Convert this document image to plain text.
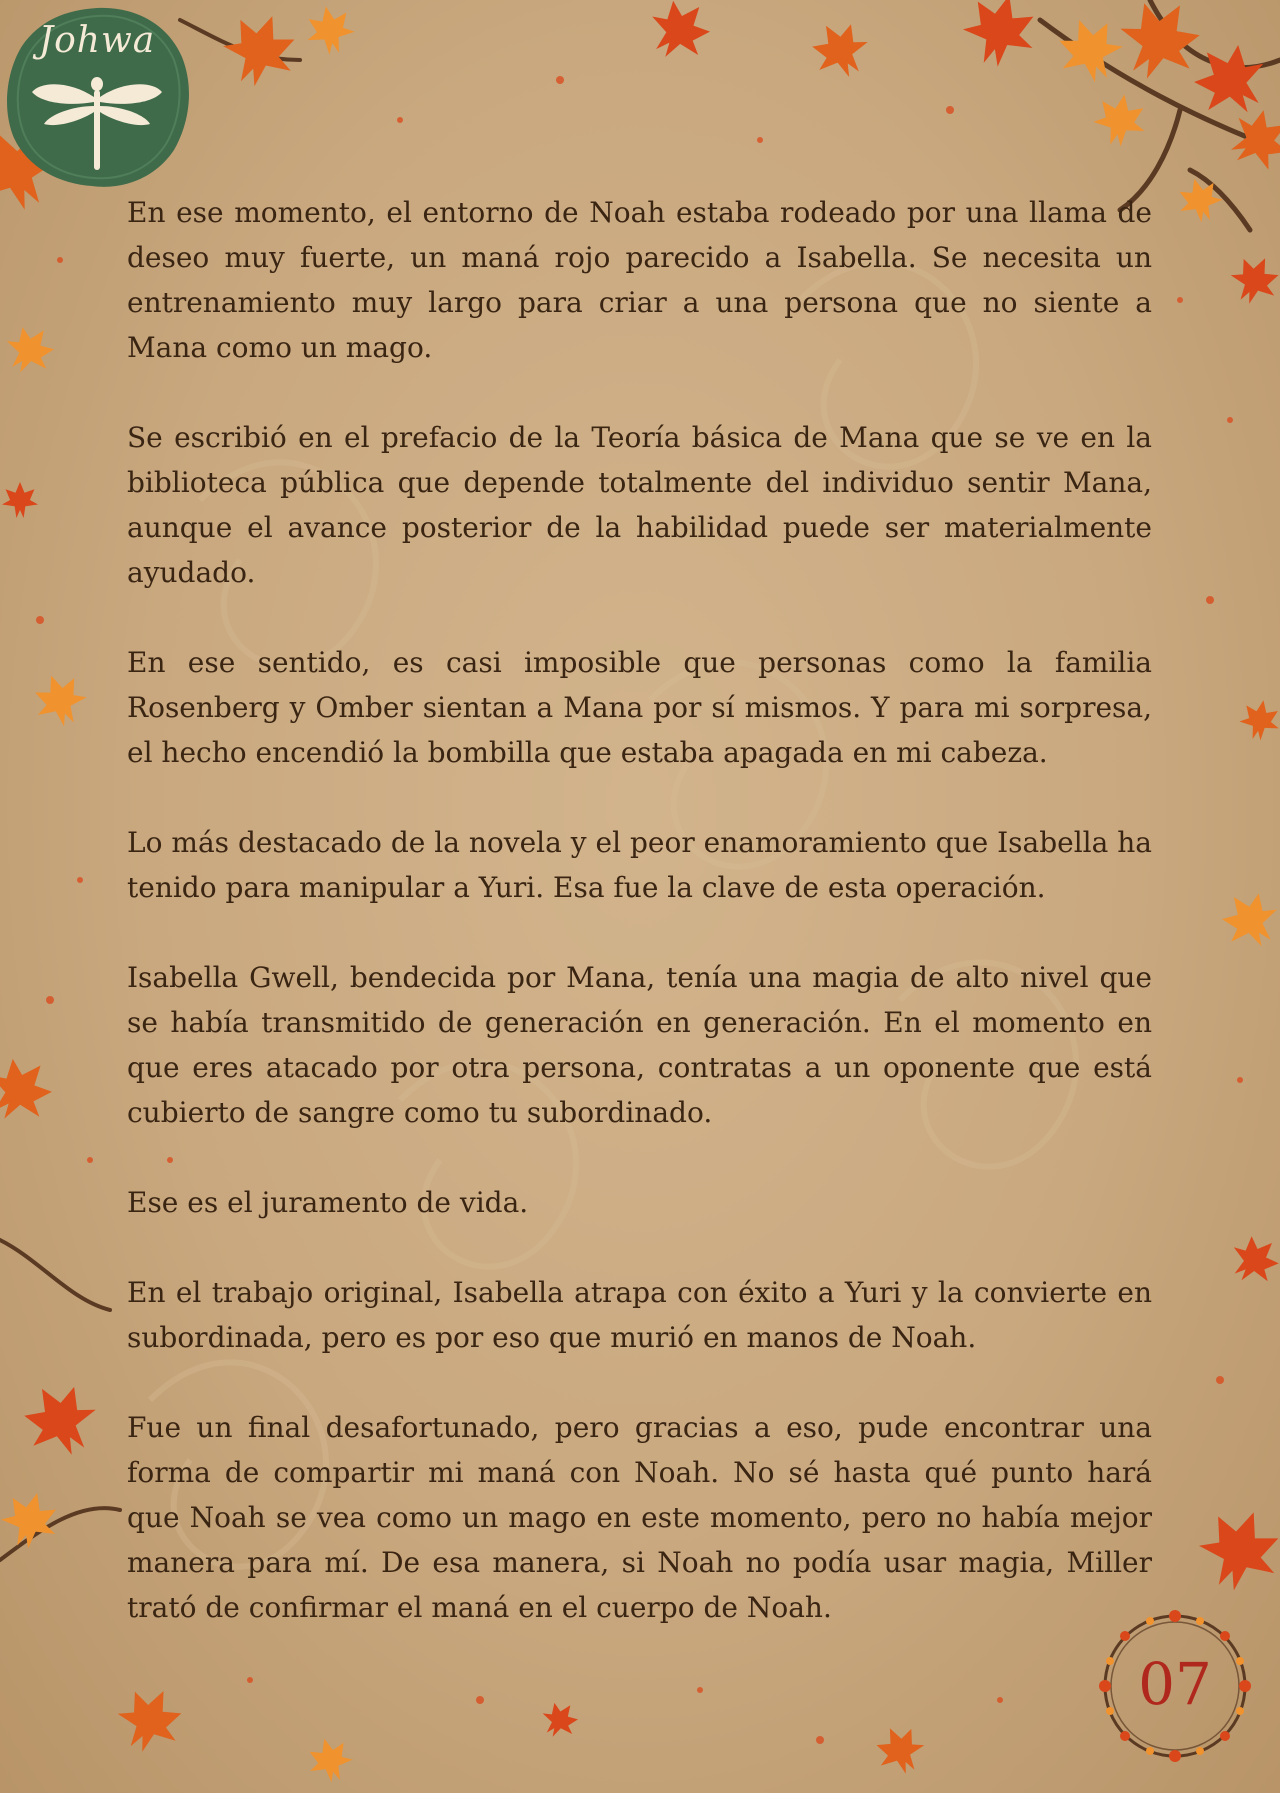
Johwa

En ese momento, el entorno de Noah estaba rodeado por una llama de deseo muy fuerte, un maná rojo parecido a Isabella. Se necesita un entrenamiento muy largo para criar a una persona que no siente a Mana como un mago.

Se escribió en el prefacio de la Teoría básica de Mana que se ve en la biblioteca pública que depende totalmente del individuo sentir Mana, aunque el avance posterior de la habilidad puede ser materialmente ayudado.

En ese sentido, es casi imposible que personas como la familia Rosenberg y Omber sientan a Mana por sí mismos. Y para mi sorpresa, el hecho encendió la bombilla que estaba apagada en mi cabeza.

Lo más destacado de la novela y el peor enamoramiento que Isabella ha tenido para manipular a Yuri. Esa fue la clave de esta operación.

Isabella Gwell, bendecida por Mana, tenía una magia de alto nivel que se había transmitido de generación en generación. En el momento en que eres atacado por otra persona, contratas a un oponente que está cubierto de sangre como tu subordinado.

Ese es el juramento de vida.

En el trabajo original, Isabella atrapa con éxito a Yuri y la convierte en subordinada, pero es por eso que murió en manos de Noah.

Fue un final desafortunado, pero gracias a eso, pude encontrar una forma de compartir mi maná con Noah. No sé hasta qué punto hará que Noah se vea como un mago en este momento, pero no había mejor manera para mí. De esa manera, si Noah no podía usar magia, Miller trató de confirmar el maná en el cuerpo de Noah.

07
